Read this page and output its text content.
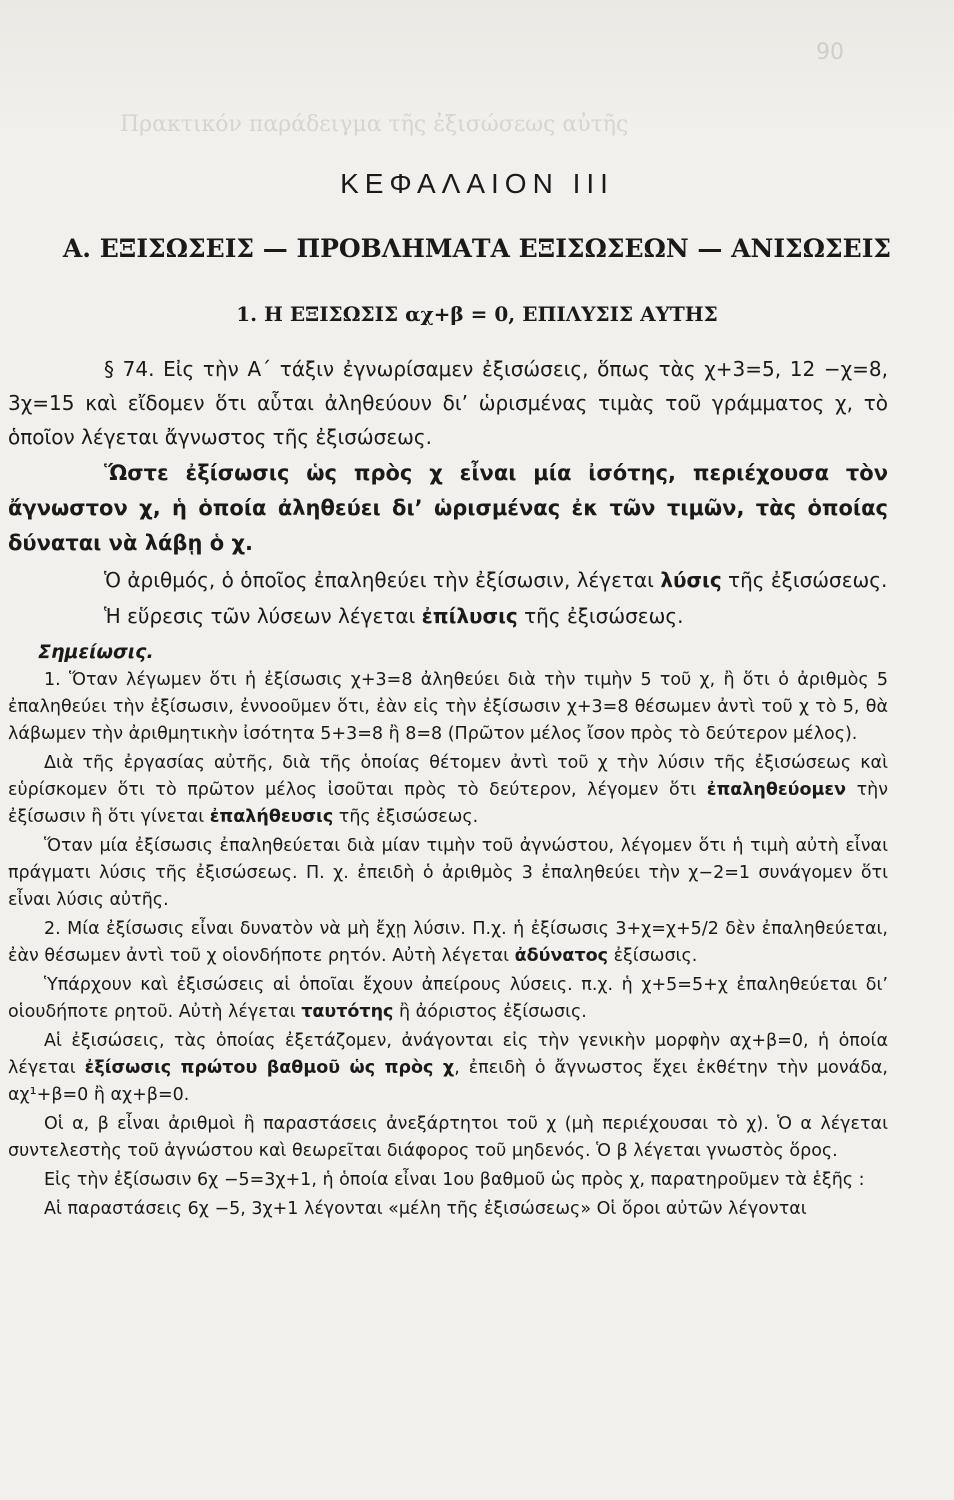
90
Πρακτικόν παράδειγμα τῆς ἐξισώσεως αὐτῆς
ΚΕΦΑΛΑΙΟΝ III
A. ΕΞΙΣΩΣΕΙΣ — ΠΡΟΒΛΗΜΑΤΑ ΕΞΙΣΩΣΕΩΝ — ΑΝΙΣΩΣΕΙΣ
1. Η ΕΞΙΣΩΣΙΣ αχ+β = 0, ΕΠΙΛΥΣΙΣ ΑΥΤΗΣ

§ 74. Εἰς τὴν Α΄ τάξιν ἐγνωρίσαμεν ἐξισώσεις, ὅπως τὰς χ+3=5, 12 −χ=8, 3χ=15 καὶ εἴδομεν ὅτι αὗται ἀληθεύουν δι’ ὡρισμένας τιμὰς τοῦ γράμματος χ, τὸ ὁποῖον λέγεται ἄγνωστος τῆς ἐξισώσεως.

Ὥστε ἐξίσωσις ὡς πρὸς χ εἶναι μία ἰσότης, περιέχουσα τὸν ἄγνωστον χ, ἡ ὁποία ἀληθεύει δι’ ὡρισμένας ἐκ τῶν τιμῶν, τὰς ὁποίας δύναται νὰ λάβῃ ὁ χ.

Ὁ ἀριθμός, ὁ ὁποῖος ἐπαληθεύει τὴν ἐξίσωσιν, λέγεται λύσις τῆς ἐξισώσεως.

Ἡ εὕρεσις τῶν λύσεων λέγεται ἐπίλυσις τῆς ἐξισώσεως.

Σημείωσις.

1. Ὅταν λέγωμεν ὅτι ἡ ἐξίσωσις χ+3=8 ἀληθεύει διὰ τὴν τιμὴν 5 τοῦ χ, ἢ ὅτι ὁ ἀριθμὸς 5 ἐπαληθεύει τὴν ἐξίσωσιν, ἐννοοῦμεν ὅτι, ἐὰν εἰς τὴν ἐξίσωσιν χ+3=8 θέσωμεν ἀντὶ τοῦ χ τὸ 5, θὰ λάβωμεν τὴν ἀριθμητικὴν ἰσότητα 5+3=8 ἢ 8=8 (Πρῶτον μέλος ἴσον πρὸς τὸ δεύτερον μέλος).

Διὰ τῆς ἐργασίας αὐτῆς, διὰ τῆς ὁποίας θέτομεν ἀντὶ τοῦ χ τὴν λύσιν τῆς ἐξισώσεως καὶ εὑρίσκομεν ὅτι τὸ πρῶτον μέλος ἰσοῦται πρὸς τὸ δεύτερον, λέγομεν ὅτι ἐπαληθεύομεν τὴν ἐξίσωσιν ἢ ὅτι γίνεται ἐπαλήθευσις τῆς ἐξισώσεως.

Ὅταν μία ἐξίσωσις ἐπαληθεύεται διὰ μίαν τιμὴν τοῦ ἀγνώστου, λέγομεν ὅτι ἡ τιμὴ αὐτὴ εἶναι πράγματι λύσις τῆς ἐξισώσεως. Π. χ. ἐπειδὴ ὁ ἀριθμὸς 3 ἐπαληθεύει τὴν χ−2=1 συνάγομεν ὅτι εἶναι λύσις αὐτῆς.

2. Μία ἐξίσωσις εἶναι δυνατὸν νὰ μὴ ἔχῃ λύσιν. Π.χ. ἡ ἐξίσωσις 3+χ=χ+5/2 δὲν ἐπαληθεύεται, ἐὰν θέσωμεν ἀντὶ τοῦ χ οἱονδήποτε ρητόν. Αὐτὴ λέγεται ἀδύνατος ἐξίσωσις.

Ὑπάρχουν καὶ ἐξισώσεις αἱ ὁποῖαι ἔχουν ἀπείρους λύσεις. π.χ. ἡ χ+5=5+χ ἐπαληθεύεται δι’ οἱουδήποτε ρητοῦ. Αὐτὴ λέγεται ταυτότης ἢ ἀόριστος ἐξίσωσις.

Αἱ ἐξισώσεις, τὰς ὁποίας ἐξετάζομεν, ἀνάγονται εἰς τὴν γενικὴν μορφὴν αχ+β=0, ἡ ὁποία λέγεται ἐξίσωσις πρώτου βαθμοῦ ὡς πρὸς χ, ἐπειδὴ ὁ ἄγνωστος ἔχει ἐκθέτην τὴν μονάδα, αχ¹+β=0 ἢ αχ+β=0.

Οἱ α, β εἶναι ἀριθμοὶ ἢ παραστάσεις ἀνεξάρτητοι τοῦ χ (μὴ περιέχουσαι τὸ χ). Ὁ α λέγεται συντελεστὴς τοῦ ἀγνώστου καὶ θεωρεῖται διάφορος τοῦ μηδενός. Ὁ β λέγεται γνωστὸς ὅρος.

Εἰς τὴν ἐξίσωσιν 6χ −5=3χ+1, ἡ ὁποία εἶναι 1ου βαθμοῦ ὡς πρὸς χ, παρατηροῦμεν τὰ ἑξῆς :

Αἱ παραστάσεις 6χ −5, 3χ+1 λέγονται «μέλη τῆς ἐξισώσεως» Οἱ ὅροι αὐτῶν λέγονται
